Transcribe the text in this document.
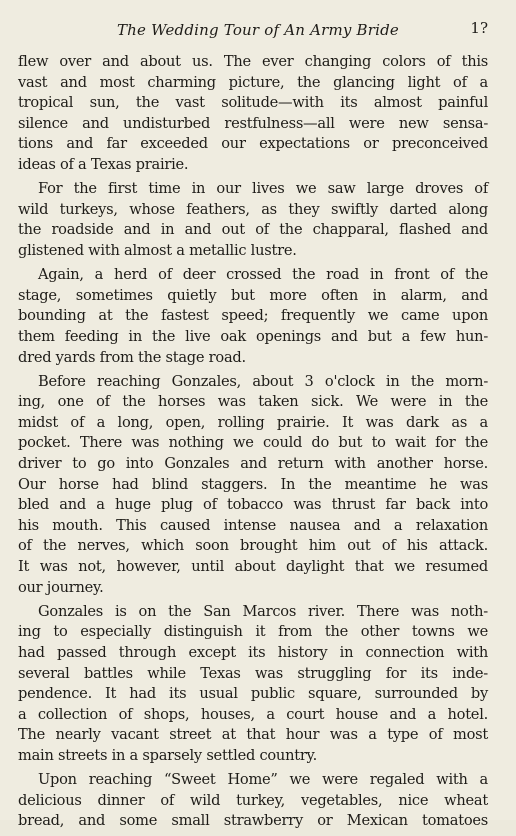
The Wedding Tour of An Army Bride	1?
flew over and about us. The ever changing colors of this
vast and most charming picture, the glancing light of a
tropical sun, the vast solitude—with its almost painful
silence and undisturbed restfulness—all were new sensa-
tions and far exceeded our expectations or preconceived
ideas of a Texas prairie.
For the first time in our lives we saw large droves of
wild turkeys, whose feathers, as they swiftly darted along
the roadside and in and out of the chapparal, flashed and
glistened with almost a metallic lustre.
Again, a herd of deer crossed the road in front of the
stage, sometimes quietly but more often in alarm, and
bounding at the fastest speed; frequently we came upon
them feeding in the live oak openings and but a few hun-
dred yards from the stage road.
Before reaching Gonzales, about 3 o'clock in the morn-
ing, one of the horses was taken sick. We were in the
midst of a long, open, rolling prairie. It was dark as a
pocket. There was nothing we could do but to wait for the
driver to go into Gonzales and return with another horse.
Our horse had blind staggers. In the meantime he was
bled and a huge plug of tobacco was thrust far back into
his mouth. This caused intense nausea and a relaxation
of the nerves, which soon brought him out of his attack.
It was not, however, until about daylight that we resumed
our journey.
Gonzales is on the San Marcos river. There was noth-
ing to especially distinguish it from the other towns we
had passed through except its history in connection with
several battles while Texas was struggling for its inde-
pendence. It had its usual public square, surrounded by
a collection of shops, houses, a court house and a hotel.
The nearly vacant street at that hour was a type of most
main streets in a sparsely settled country.
Upon reaching “Sweet Home” we were regaled with a
delicious dinner of wild turkey, vegetables, nice wheat
bread, and some small strawberry or Mexican tomatoes
